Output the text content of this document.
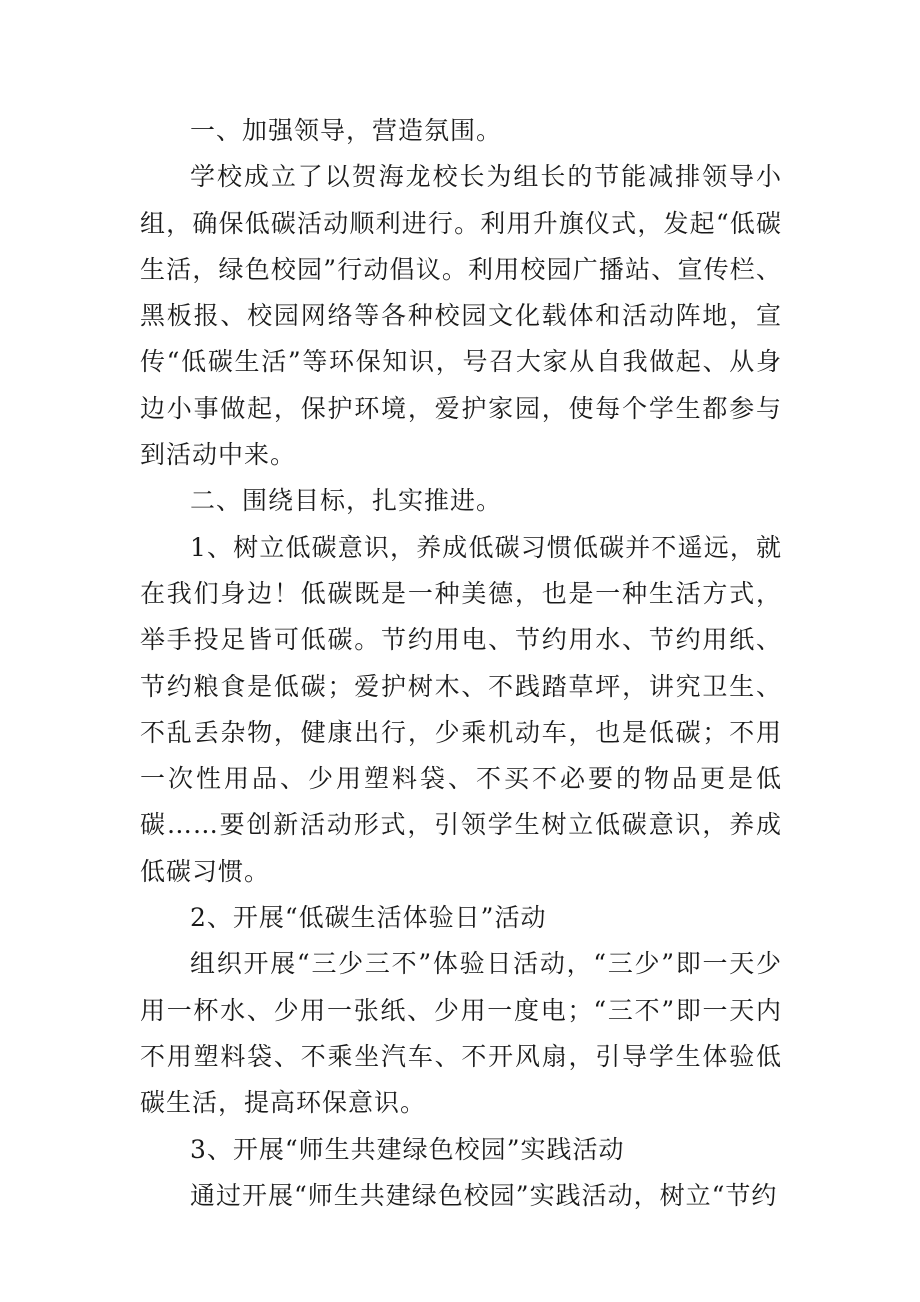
一、加强领导，营造氛围。

学校成立了以贺海龙校长为组长的节能减排领导小组，确保低碳活动顺利进行。利用升旗仪式，发起“低碳生活，绿色校园”行动倡议。利用校园广播站、宣传栏、黑板报、校园网络等各种校园文化载体和活动阵地，宣传“低碳生活”等环保知识，号召大家从自我做起、从身边小事做起，保护环境，爱护家园，使每个学生都参与到活动中来。

二、围绕目标，扎实推进。

1、树立低碳意识，养成低碳习惯低碳并不遥远，就在我们身边！低碳既是一种美德，也是一种生活方式，举手投足皆可低碳。节约用电、节约用水、节约用纸、节约粮食是低碳；爱护树木、不践踏草坪，讲究卫生、不乱丢杂物，健康出行，少乘机动车，也是低碳；不用一次性用品、少用塑料袋、不买不必要的物品更是低碳……要创新活动形式，引领学生树立低碳意识，养成低碳习惯。

2、开展“低碳生活体验日”活动

组织开展“三少三不”体验日活动，“三少”即一天少用一杯水、少用一张纸、少用一度电；“三不”即一天内不用塑料袋、不乘坐汽车、不开风扇，引导学生体验低碳生活，提高环保意识。

3、开展“师生共建绿色校园”实践活动

通过开展“师生共建绿色校园”实践活动，树立“节约
